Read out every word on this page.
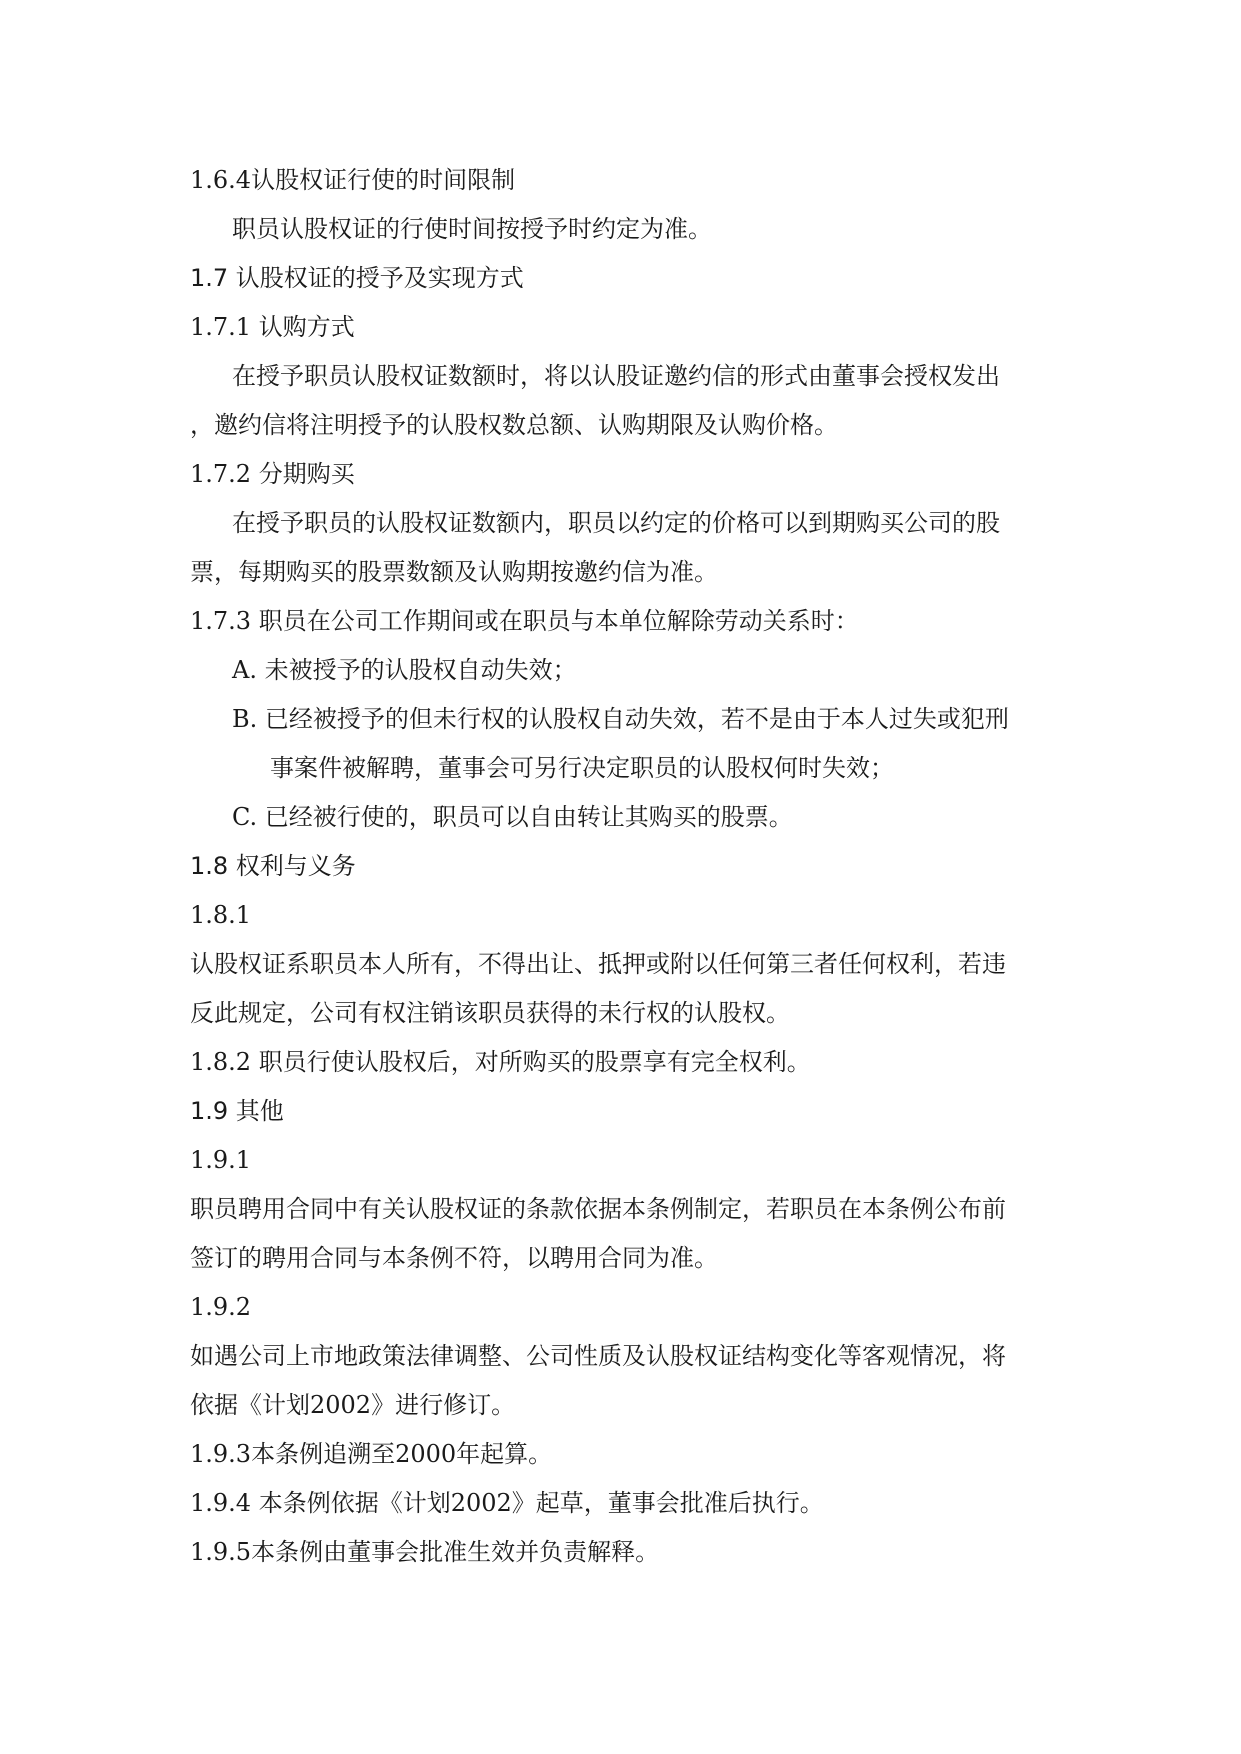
1.6.4认股权证行使的时间限制
职员认股权证的行使时间按授予时约定为准。
1.7 认股权证的授予及实现方式
1.7.1 认购方式
在授予职员认股权证数额时，将以认股证邀约信的形式由董事会授权发出
，邀约信将注明授予的认股权数总额、认购期限及认购价格。
1.7.2 分期购买
在授予职员的认股权证数额内，职员以约定的价格可以到期购买公司的股
票，每期购买的股票数额及认购期按邀约信为准。
1.7.3 职员在公司工作期间或在职员与本单位解除劳动关系时：
A. 未被授予的认股权自动失效；
B. 已经被授予的但未行权的认股权自动失效，若不是由于本人过失或犯刑
事案件被解聘，董事会可另行决定职员的认股权何时失效；
C. 已经被行使的，职员可以自由转让其购买的股票。
1.8 权利与义务
1.8.1
认股权证系职员本人所有，不得出让、抵押或附以任何第三者任何权利，若违
反此规定，公司有权注销该职员获得的未行权的认股权。
1.8.2 职员行使认股权后，对所购买的股票享有完全权利。
1.9 其他
1.9.1
职员聘用合同中有关认股权证的条款依据本条例制定，若职员在本条例公布前
签订的聘用合同与本条例不符，以聘用合同为准。
1.9.2
如遇公司上市地政策法律调整、公司性质及认股权证结构变化等客观情况，将
依据《计划2002》进行修订。
1.9.3本条例追溯至2000年起算。
1.9.4 本条例依据《计划2002》起草，董事会批准后执行。
1.9.5本条例由董事会批准生效并负责解释。
